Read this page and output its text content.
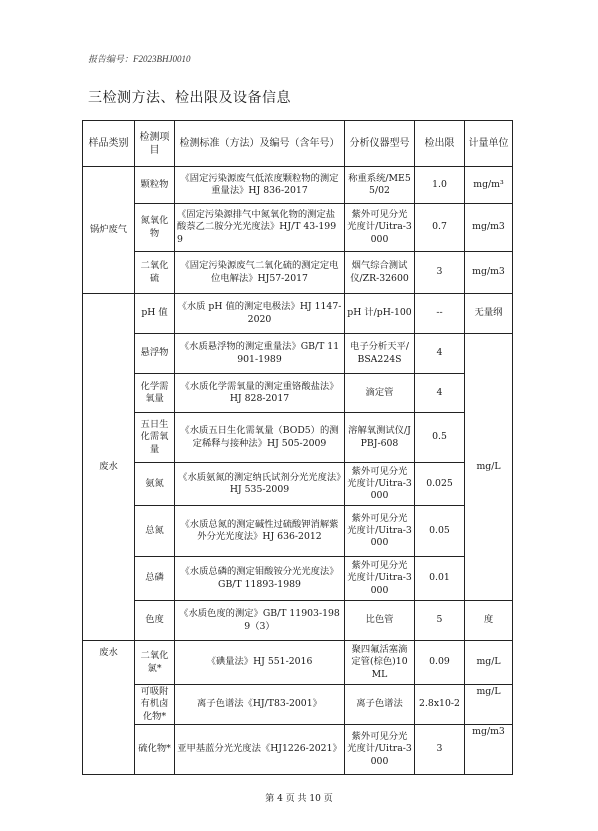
报告编号：F2023BHJ0010
三检测方法、检出限及设备信息
样品类别	检测项目	检测标准（方法）及编号（含年号）	分析仪器型号	检出限	计量单位
锅炉废气	颗粒物	《固定污染源废气低浓度颗粒物的测定重量法》HJ 836-2017	称重系统/ME55/02	1.0	mg/m³
	氮氧化物	《固定污染源排气中氮氧化物的测定盐酸萘乙二胺分光光度法》HJ/T 43-1999	紫外可见分光光度计/Uitra-3000	0.7	mg/m3
	二氧化硫	《固定污染源废气二氧化硫的测定定电位电解法》HJ57-2017	烟气综合测试仪/ZR-32600	3	mg/m3
废水	pH 值	《水质 pH 值的测定电极法》HJ 1147-2020	pH 计/pH-100	--	无量纲
	悬浮物	《水质悬浮物的测定重量法》GB/T 11901-1989	电子分析天平/BSA224S	4	mg/L
	化学需氧量	《水质化学需氧量的测定重铬酸盐法》HJ 828-2017	滴定管	4	
	五日生化需氧量	《水质五日生化需氧量（BOD5）的测定稀释与接种法》HJ 505-2009	溶解氧测试仪/JPBJ-608	0.5	
	氨氮	《水质氨氮的测定纳氏试剂分光光度法》HJ 535-2009	紫外可见分光光度计/Uitra-3000	0.025	
	总氮	《水质总氮的测定碱性过硫酸钾消解紫外分光光度法》HJ 636-2012	紫外可见分光光度计/Uitra-3000	0.05	
	总磷	《水质总磷的测定钼酸铵分光光度法》GB/T 11893-1989	紫外可见分光光度计/Uitra-3000	0.01	
	色度	《水质色度的测定》GB/T 11903-1989（3）	比色管	5	度
废水	二氧化氯*	《碘量法》HJ 551-2016	聚四氟活塞滴定管(棕色)10ML	0.09	mg/L
	可吸附有机卤化物*	离子色谱法《HJ/T83-2001》	离子色谱法	2.8x10-2	mg/L
	硫化物*	亚甲基蓝分光光度法《HJ1226-2021》	紫外可见分光光度计/Uitra-3000	3	mg/m3
第 4 页 共 10 页
